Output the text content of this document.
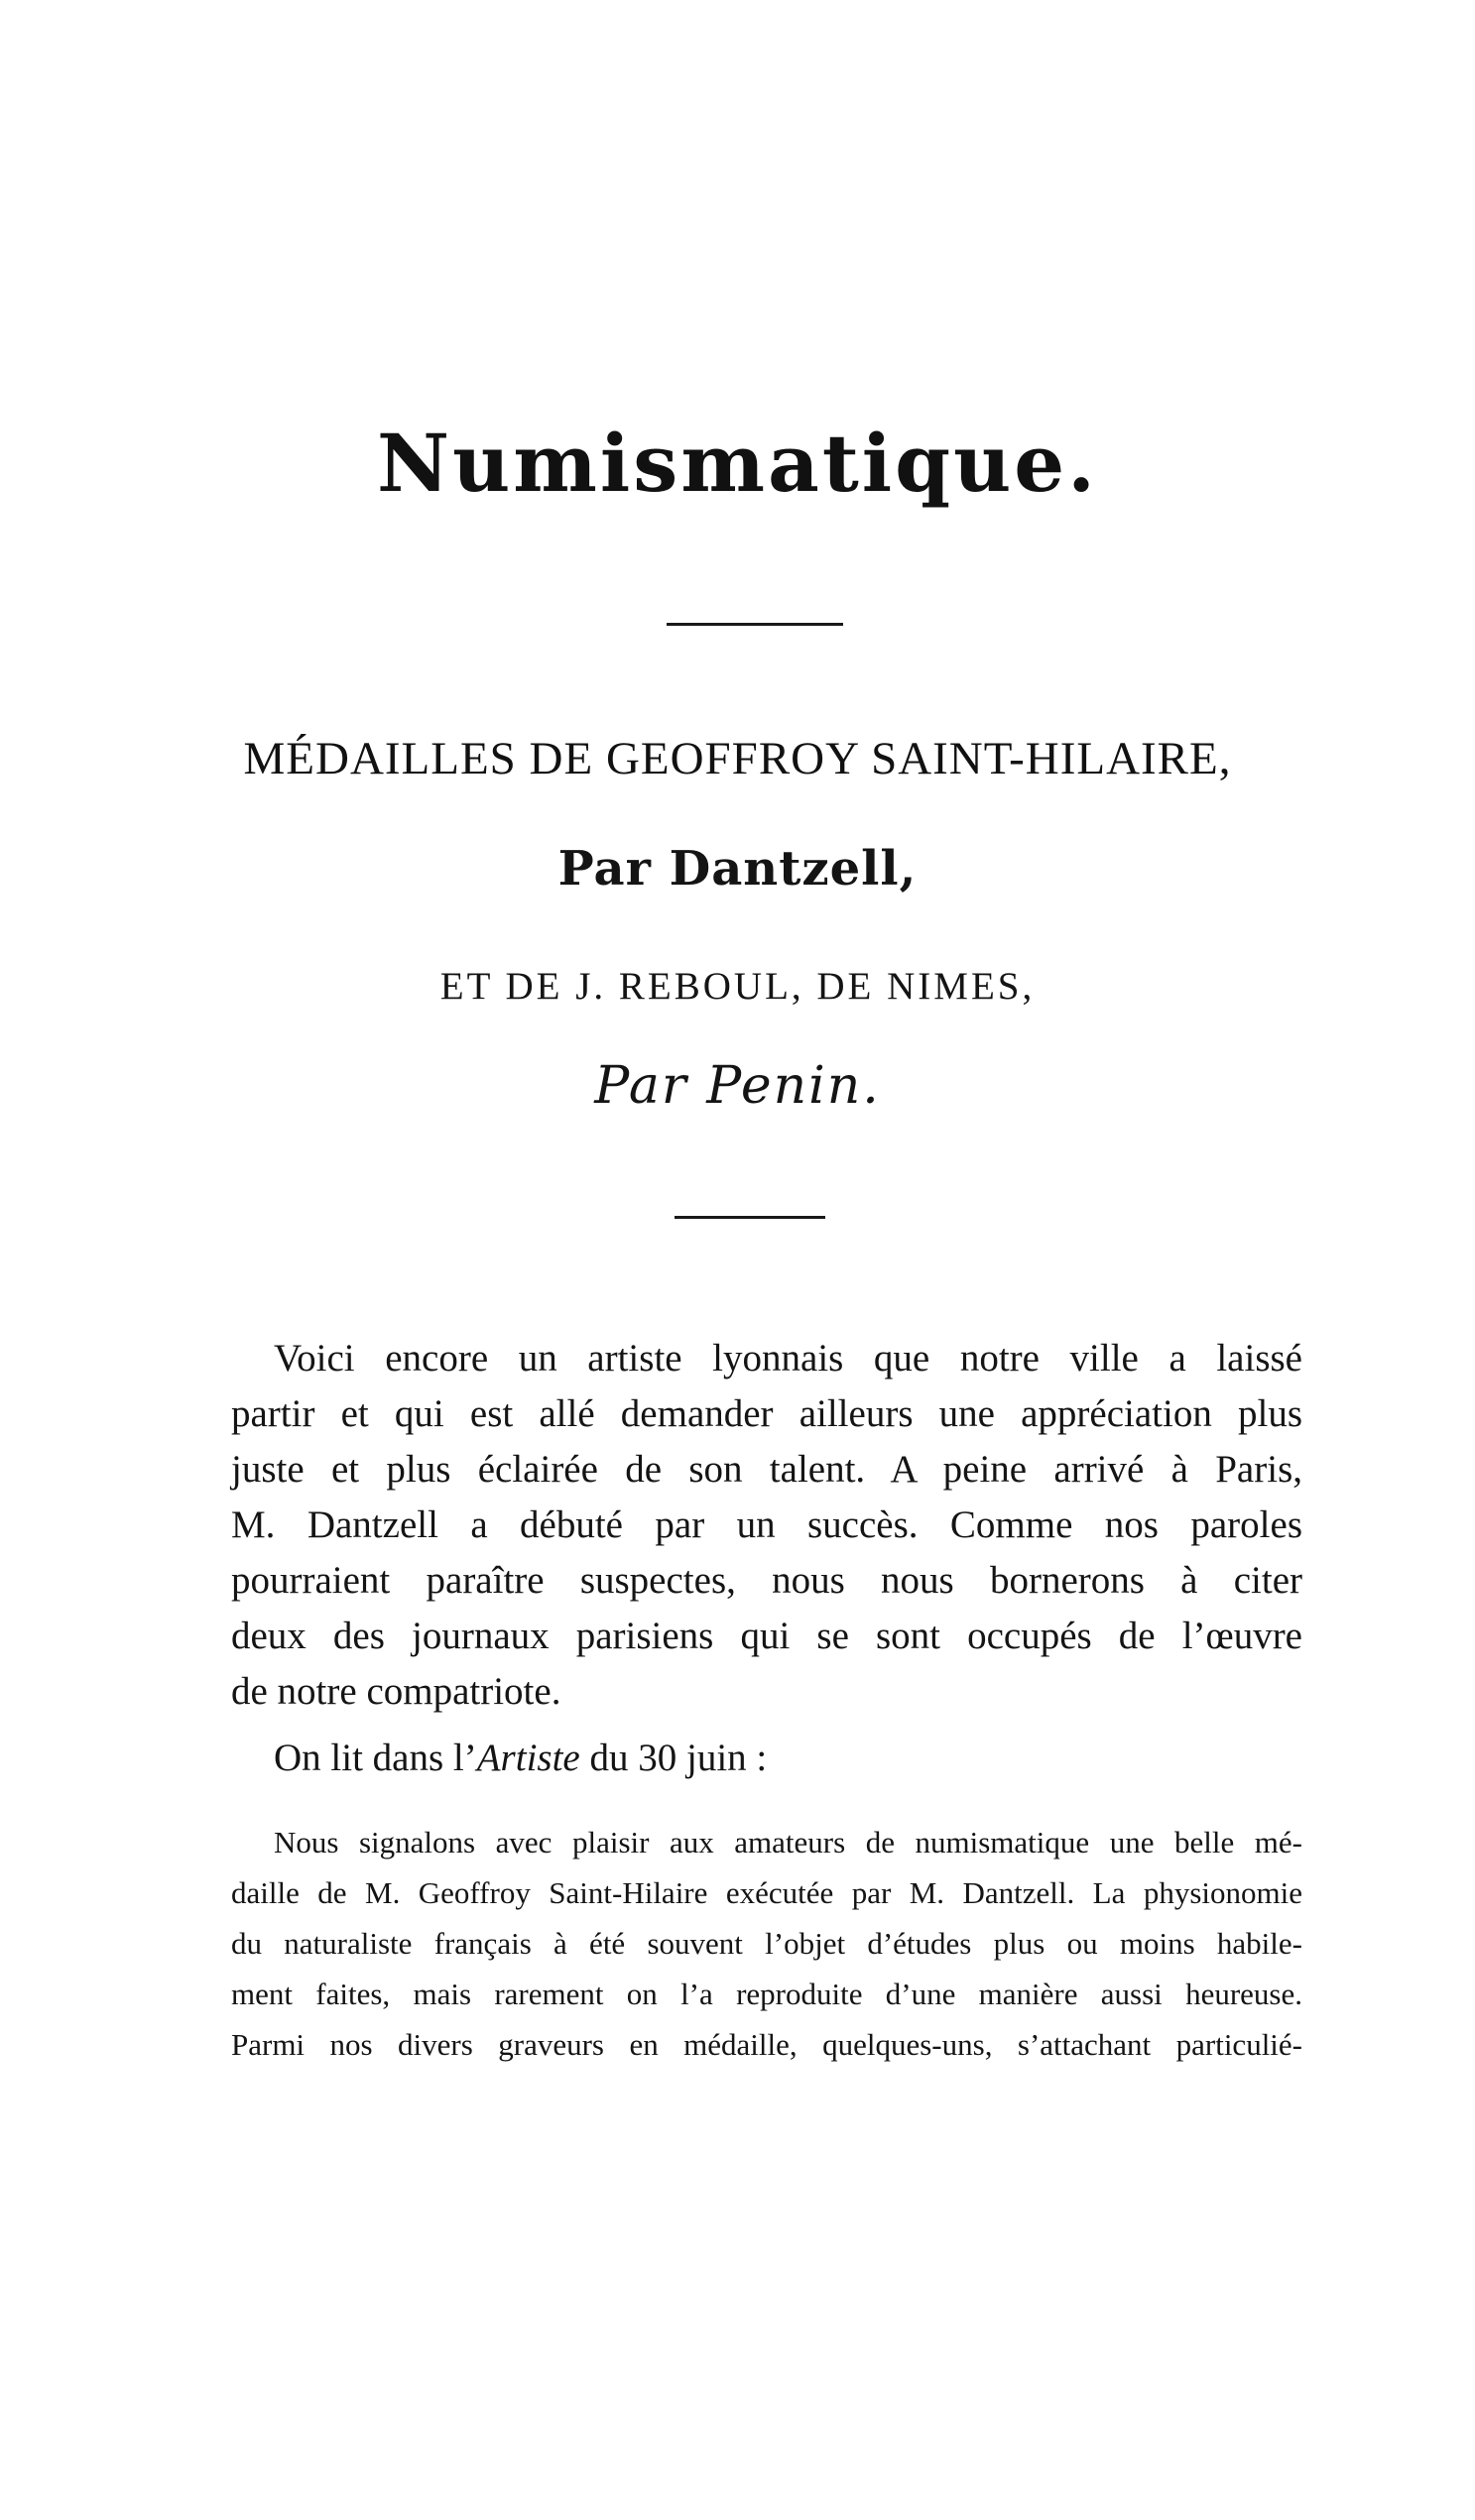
Numismatique.
MÉDAILLES DE GEOFFROY SAINT-HILAIRE,
Par Dantzell,
ET DE J. REBOUL, DE NIMES,
Par Penin.
Voici encore un artiste lyonnais que notre ville a laissé
partir et qui est allé demander ailleurs une appréciation plus
juste et plus éclairée de son talent. A peine arrivé à Paris,
M. Dantzell a débuté par un succès. Comme nos paroles
pourraient paraître suspectes, nous nous bornerons à citer
deux des journaux parisiens qui se sont occupés de l’œuvre
de notre compatriote.
On lit dans l’Artiste du 30 juin :
Nous signalons avec plaisir aux amateurs de numismatique une belle mé-
daille de M. Geoffroy Saint-Hilaire exécutée par M. Dantzell. La physionomie
du naturaliste français à été souvent l’objet d’études plus ou moins habile-
ment faites, mais rarement on l’a reproduite d’une manière aussi heureuse.
Parmi nos divers graveurs en médaille, quelques-uns, s’attachant particulié-
